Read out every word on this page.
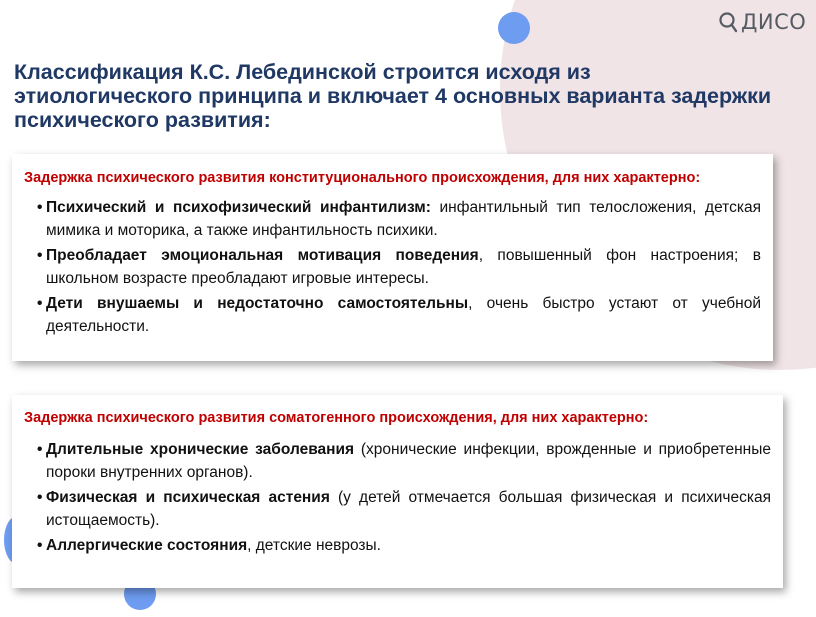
ДИСО
Классификация К.С. Лебединской строится исходя из этиологического принципа и включает 4 основных варианта задержки психического развития:
Задержка психического развития конституционального происхождения, для них характерно:
• Психический и психофизический инфантилизм: инфантильный тип телосложения, детская мимика и моторика, а также инфантильность психики.
• Преобладает эмоциональная мотивация поведения, повышенный фон настроения; в школьном возрасте преобладают игровые интересы.
• Дети внушаемы и недостаточно самостоятельны, очень быстро устают от учебной деятельности.
Задержка психического развития соматогенного происхождения, для них характерно:
• Длительные хронические заболевания (хронические инфекции, врожденные и приобретенные пороки внутренних органов).
• Физическая и психическая астения (у детей отмечается большая физическая и психическая истощаемость).
• Аллергические состояния, детские неврозы.
